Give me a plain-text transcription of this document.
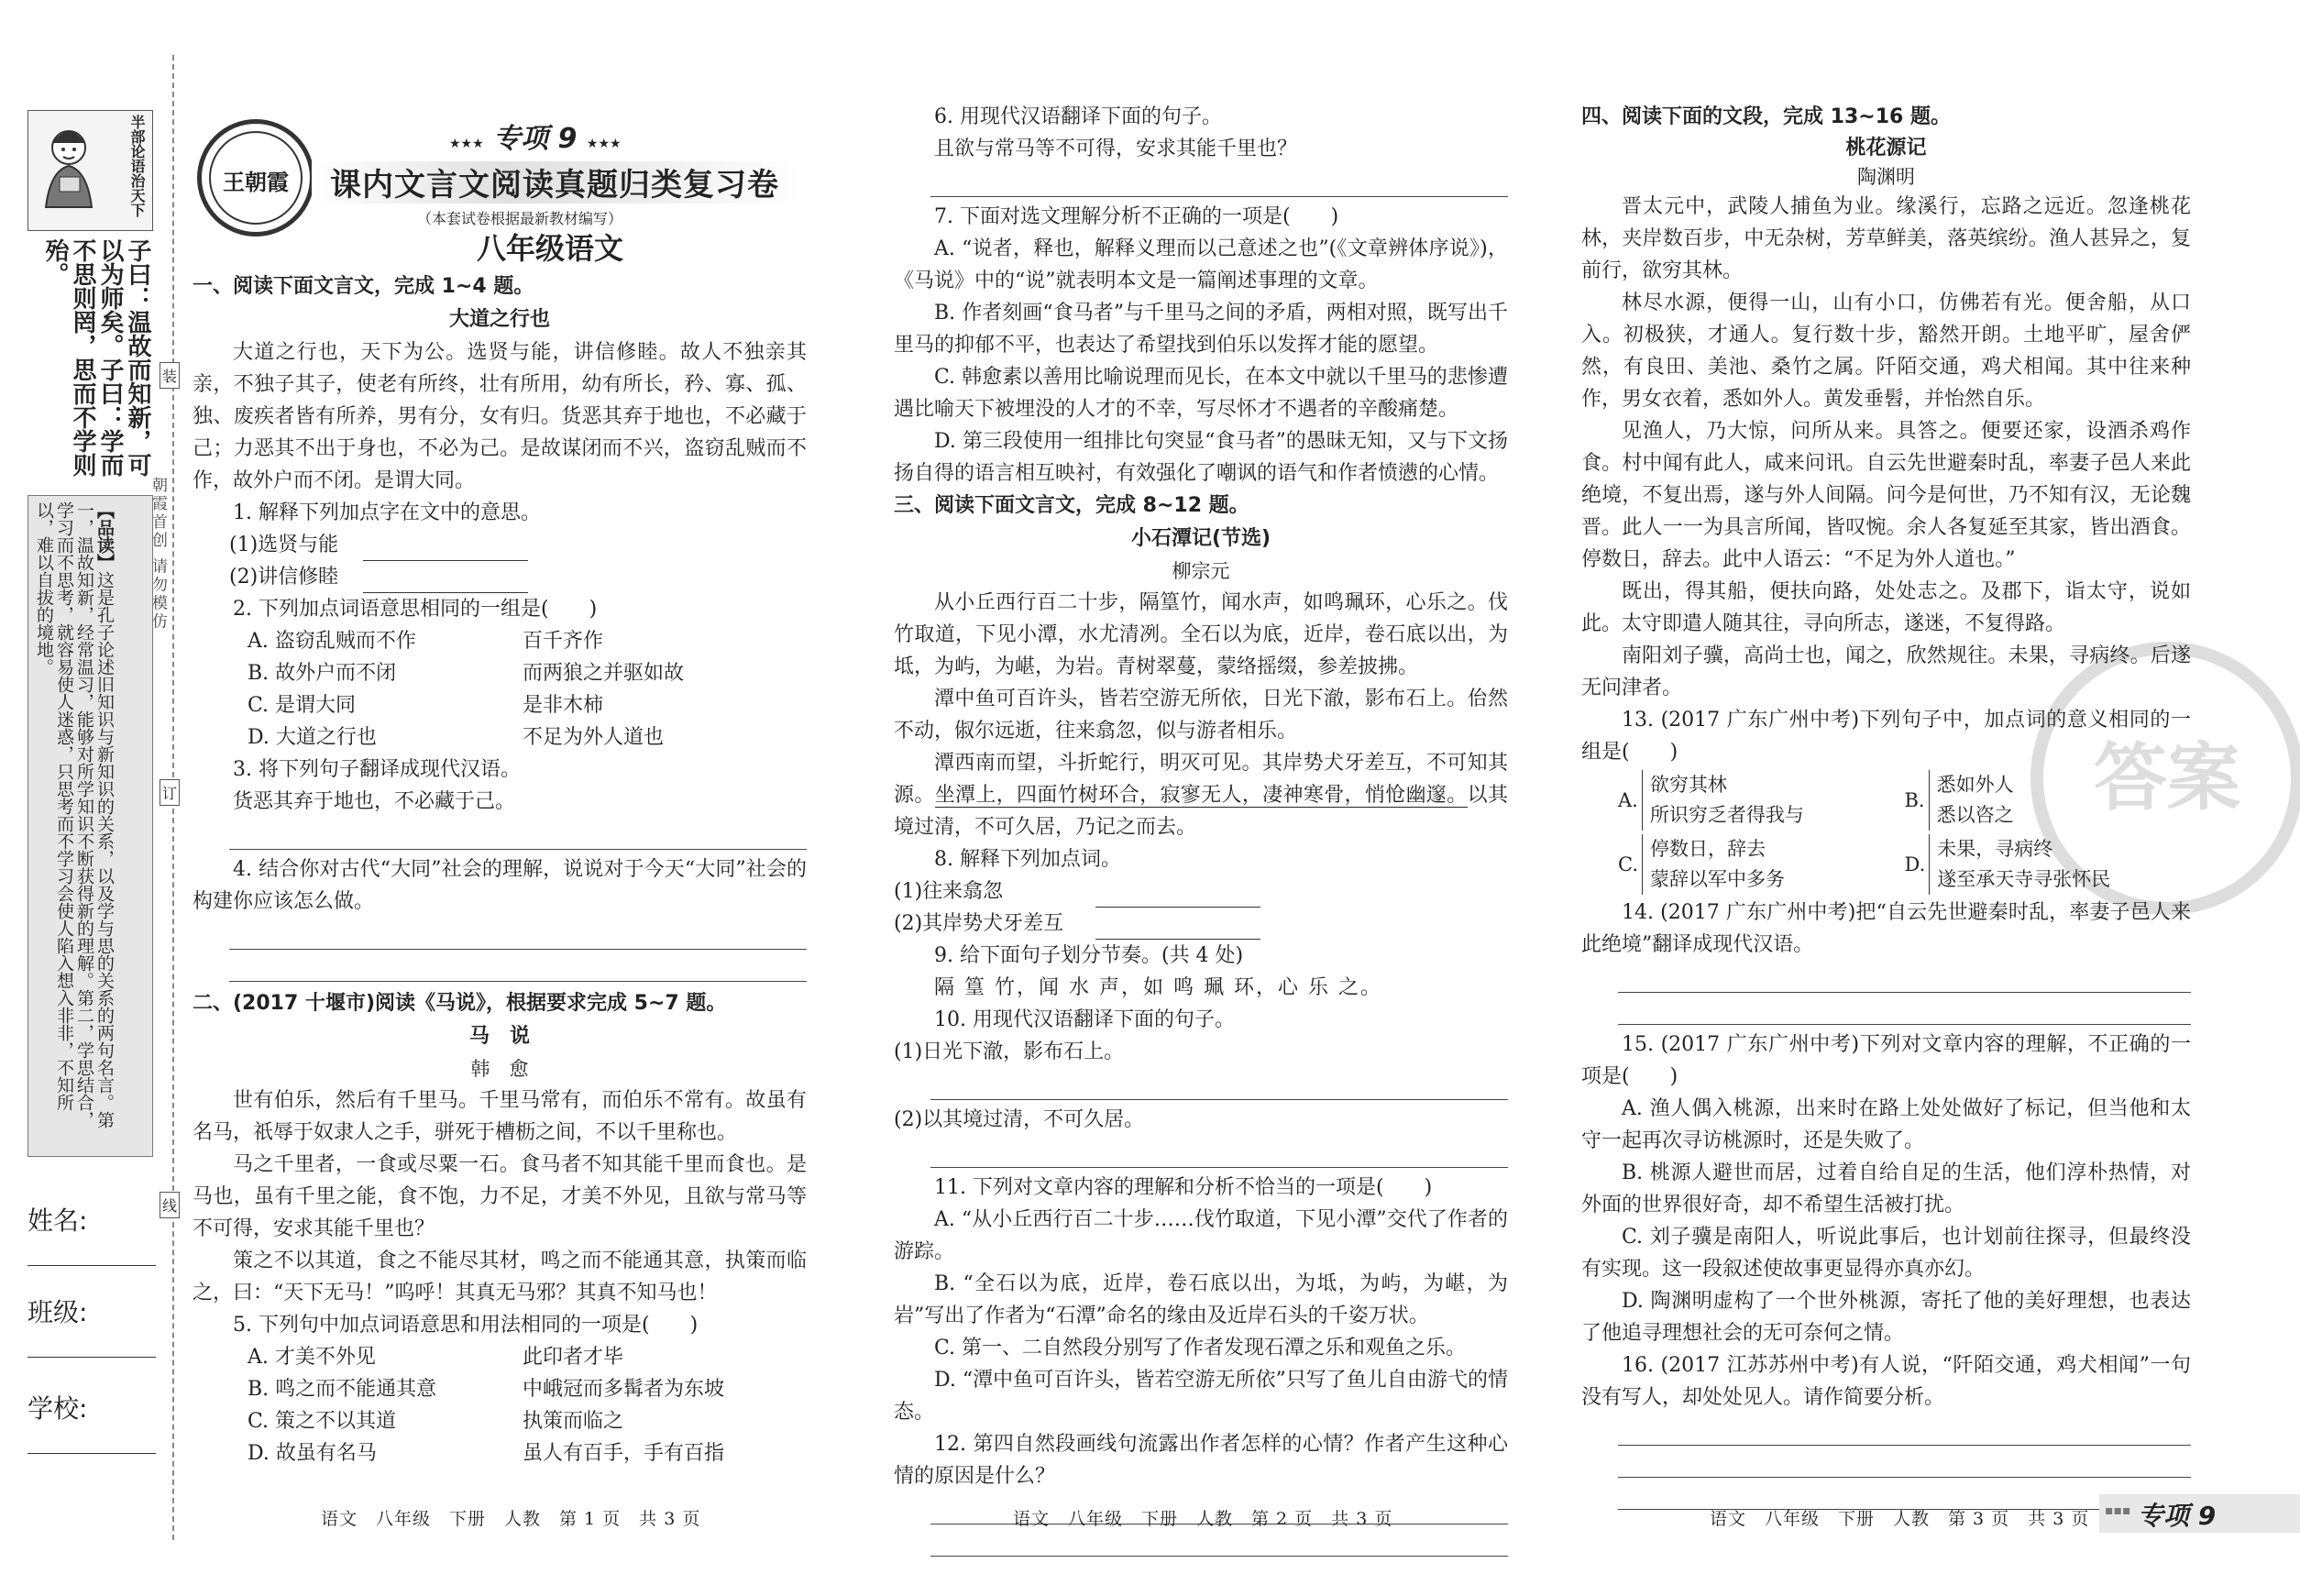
半部论语治天下
子曰：温故而知新，可以为师矣。子曰：学而不思则罔，思而不学则殆。
【品读】这是孔子论述旧知识与新知识的关系，以及学与思的关系的两句名言。第一，温故知新，经常温习，能够对所学知识不断获得新的理解。第二，学思结合，学习而不思考，就容易使人迷惑，只思考而不学习会使人陷入想入非非，不知所以，难以自拔的境地。
姓名:
班级:
学校:
装
订
线
朝霞首创 请勿模仿
王朝霞
★★★ 专项 9 ★★★
课内文言文阅读真题归类复习卷
（本套试卷根据最新教材编写）
八年级语文

一、阅读下面文言文，完成 1~4 题。

大道之行也

大道之行也，天下为公。选贤与能，讲信修睦。故人不独亲其亲，不独子其子，使老有所终，壮有所用，幼有所长，矜、寡、孤、独、废疾者皆有所养，男有分，女有归。货恶其弃于地也，不必藏于己；力恶其不出于身也，不必为己。是故谋闭而不兴，盗窃乱贼而不作，故外户而不闭。是谓大同。

1. 解释下列加点字在文中的意思。

(1)选贤与能

(2)讲信修睦

2. 下列加点词语意思相同的一组是(　　)

A. 盗窃乱贼而不作	百千齐作
B. 故外户而不闭	而两狼之并驱如故
C. 是谓大同	是非木柿
D. 大道之行也	不足为外人道也

3. 将下列句子翻译成现代汉语。

货恶其弃于地也，不必藏于己。

4. 结合你对古代“大同”社会的理解，说说对于今天“大同”社会的构建你应该怎么做。

二、(2017 十堰市)阅读《马说》，根据要求完成 5~7 题。

马　说

韩　愈

世有伯乐，然后有千里马。千里马常有，而伯乐不常有。故虽有名马，祇辱于奴隶人之手，骈死于槽枥之间，不以千里称也。

马之千里者，一食或尽粟一石。食马者不知其能千里而食也。是马也，虽有千里之能，食不饱，力不足，才美不外见，且欲与常马等不可得，安求其能千里也？

策之不以其道，食之不能尽其材，鸣之而不能通其意，执策而临之，曰：“天下无马！”呜呼！其真无马邪？其真不知马也！

5. 下列句中加点词语意思和用法相同的一项是(　　)

A. 才美不外见	此印者才毕
B. 鸣之而不能通其意	中峨冠而多髯者为东坡
C. 策之不以其道	执策而临之
D. 故虽有名马	虽人有百手，手有百指

6. 用现代汉语翻译下面的句子。

且欲与常马等不可得，安求其能千里也？

7. 下面对选文理解分析不正确的一项是(　　)

A. “说者，释也，解释义理而以己意述之也”(《文章辨体序说》)，《马说》中的“说”就表明本文是一篇阐述事理的文章。

B. 作者刻画“食马者”与千里马之间的矛盾，两相对照，既写出千里马的抑郁不平，也表达了希望找到伯乐以发挥才能的愿望。

C. 韩愈素以善用比喻说理而见长，在本文中就以千里马的悲惨遭遇比喻天下被埋没的人才的不幸，写尽怀才不遇者的辛酸痛楚。

D. 第三段使用一组排比句突显“食马者”的愚昧无知，又与下文扬扬自得的语言相互映衬，有效强化了嘲讽的语气和作者愤懑的心情。

三、阅读下面文言文，完成 8~12 题。

小石潭记(节选)

柳宗元

从小丘西行百二十步，隔篁竹，闻水声，如鸣珮环，心乐之。伐竹取道，下见小潭，水尤清冽。全石以为底，近岸，卷石底以出，为坻，为屿，为嵁，为岩。青树翠蔓，蒙络摇缀，参差披拂。

潭中鱼可百许头，皆若空游无所依，日光下澈，影布石上。佁然不动，俶尔远逝，往来翕忽，似与游者相乐。

潭西南而望，斗折蛇行，明灭可见。其岸势犬牙差互，不可知其源。坐潭上，四面竹树环合，寂寥无人，凄神寒骨，悄怆幽邃。以其境过清，不可久居，乃记之而去。

8. 解释下列加点词。

(1)往来翕忽

(2)其岸势犬牙差互

9. 给下面句子划分节奏。(共 4 处)

隔 篁 竹，闻 水 声，如 鸣 珮 环，心 乐 之。

10. 用现代汉语翻译下面的句子。

(1)日光下澈，影布石上。

(2)以其境过清，不可久居。

11. 下列对文章内容的理解和分析不恰当的一项是(　　)

A. “从小丘西行百二十步……伐竹取道，下见小潭”交代了作者的游踪。

B. “全石以为底，近岸，卷石底以出，为坻，为屿，为嵁，为岩”写出了作者为“石潭”命名的缘由及近岸石头的千姿万状。

C. 第一、二自然段分别写了作者发现石潭之乐和观鱼之乐。

D. “潭中鱼可百许头，皆若空游无所依”只写了鱼儿自由游弋的情态。

12. 第四自然段画线句流露出作者怎样的心情？作者产生这种心情的原因是什么？

答案

四、阅读下面的文段，完成 13~16 题。

桃花源记

陶渊明

晋太元中，武陵人捕鱼为业。缘溪行，忘路之远近。忽逢桃花林，夹岸数百步，中无杂树，芳草鲜美，落英缤纷。渔人甚异之，复前行，欲穷其林。

林尽水源，便得一山，山有小口，仿佛若有光。便舍船，从口入。初极狭，才通人。复行数十步，豁然开朗。土地平旷，屋舍俨然，有良田、美池、桑竹之属。阡陌交通，鸡犬相闻。其中往来种作，男女衣着，悉如外人。黄发垂髫，并怡然自乐。

见渔人，乃大惊，问所从来。具答之。便要还家，设酒杀鸡作食。村中闻有此人，咸来问讯。自云先世避秦时乱，率妻子邑人来此绝境，不复出焉，遂与外人间隔。问今是何世，乃不知有汉，无论魏晋。此人一一为具言所闻，皆叹惋。余人各复延至其家，皆出酒食。停数日，辞去。此中人语云：“不足为外人道也。”

既出，得其船，便扶向路，处处志之。及郡下，诣太守，说如此。太守即遣人随其往，寻向所志，遂迷，不复得路。

南阳刘子骥，高尚士也，闻之，欣然规往。未果，寻病终。后遂无问津者。

13. (2017 广东广州中考)下列句子中，加点词的意义相同的一组是(　　)

A.
欲穷其林
所识穷乏者得我与
B.
悉如外人
悉以咨之
C.
停数日，辞去
蒙辞以军中多务
D.
未果，寻病终
遂至承天寺寻张怀民

14. (2017 广东广州中考)把“自云先世避秦时乱，率妻子邑人来此绝境”翻译成现代汉语。

15. (2017 广东广州中考)下列对文章内容的理解，不正确的一项是(　　)

A. 渔人偶入桃源，出来时在路上处处做好了标记，但当他和太守一起再次寻访桃源时，还是失败了。

B. 桃源人避世而居，过着自给自足的生活，他们淳朴热情，对外面的世界很好奇，却不希望生活被打扰。

C. 刘子骥是南阳人，听说此事后，也计划前往探寻，但最终没有实现。这一段叙述使故事更显得亦真亦幻。

D. 陶渊明虚构了一个世外桃源，寄托了他的美好理想，也表达了他追寻理想社会的无可奈何之情。

16. (2017 江苏苏州中考)有人说，“阡陌交通，鸡犬相闻”一句没有写人，却处处见人。请作简要分析。

语文　八年级　下册　人教　第 1 页　共 3 页	语文　八年级　下册　人教　第 2 页　共 3 页	语文　八年级　下册　人教　第 3 页　共 3 页 ▪▪▪ 专项 9
